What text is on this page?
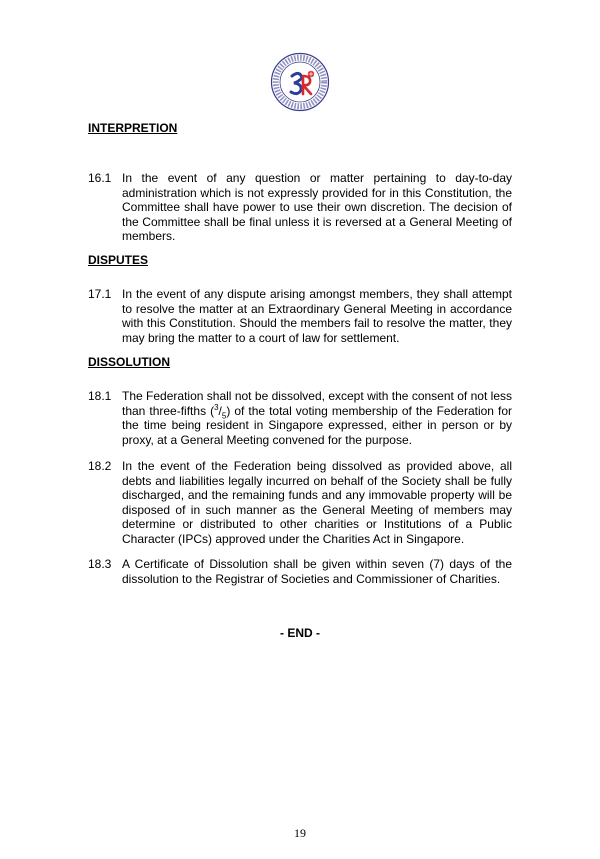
INTERPRETION
16.1 In the event of any question or matter pertaining to day-to-day administration which is not expressly provided for in this Constitution, the Committee shall have power to use their own discretion. The decision of the Committee shall be final unless it is reversed at a General Meeting of members.
DISPUTES
17.1 In the event of any dispute arising amongst members, they shall attempt to resolve the matter at an Extraordinary General Meeting in accordance with this Constitution. Should the members fail to resolve the matter, they may bring the matter to a court of law for settlement.
DISSOLUTION
18.1 The Federation shall not be dissolved, except with the consent of not less than three-fifths $(^3/_5)$ of the total voting membership of the Federation for the time being resident in Singapore expressed, either in person or by proxy, at a General Meeting convened for the purpose.
18.2 In the event of the Federation being dissolved as provided above, all debts and liabilities legally incurred on behalf of the Society shall be fully discharged, and the remaining funds and any immovable property will be disposed of in such manner as the General Meeting of members may determine or distributed to other charities or Institutions of a Public Character (IPCs) approved under the Charities Act in Singapore.
18.3 A Certificate of Dissolution shall be given within seven (7) days of the dissolution to the Registrar of Societies and Commissioner of Charities.
- END -
19
